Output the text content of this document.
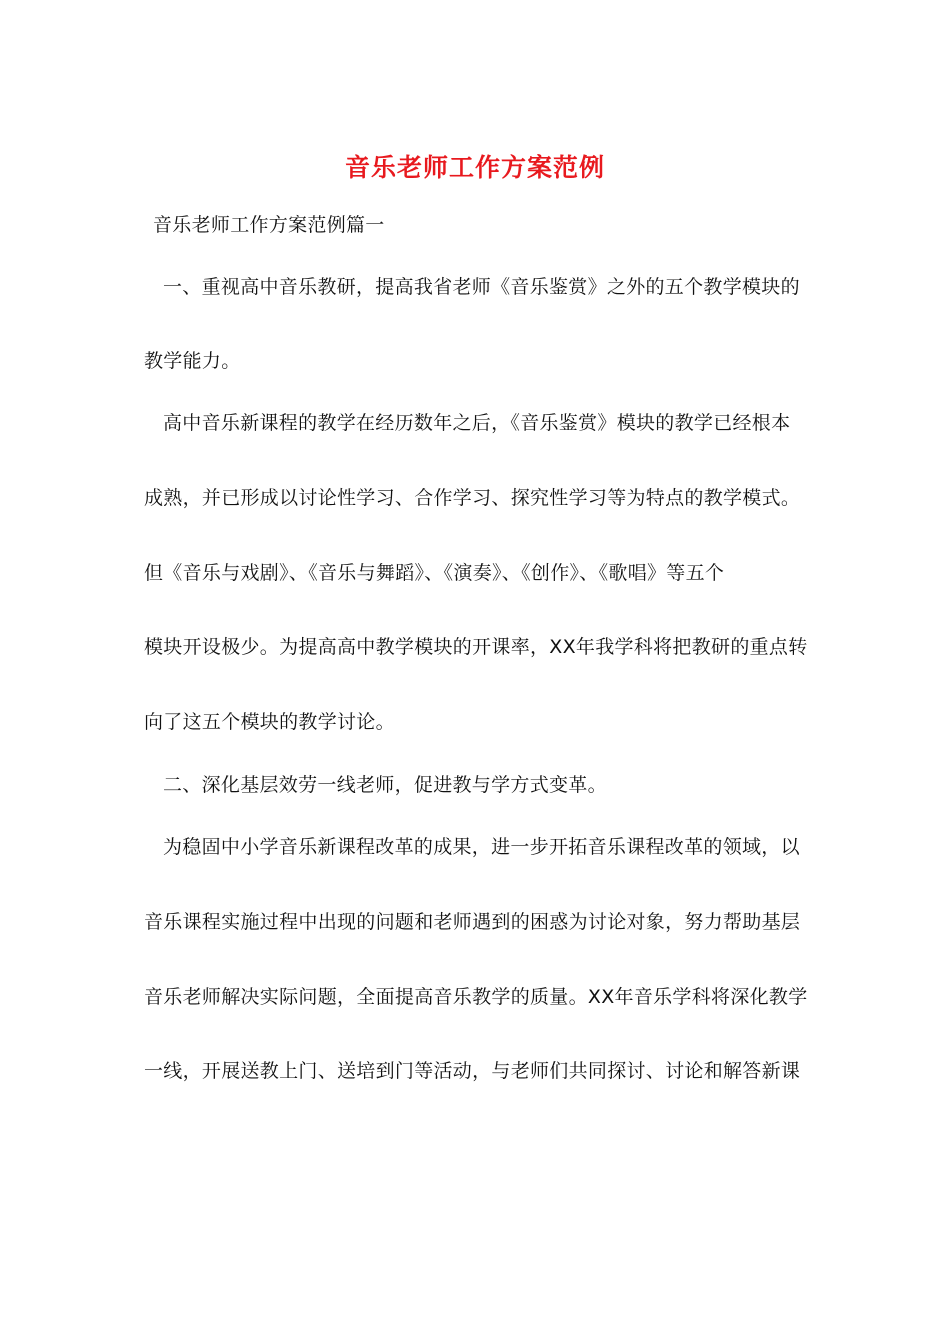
音乐老师工作方案范例
音乐老师工作方案范例篇一
一、重视高中音乐教研，提高我省老师《音乐鉴赏》之外的五个教学模块的
教学能力。
高中音乐新课程的教学在经历数年之后，《音乐鉴赏》模块的教学已经根本
成熟，并已形成以讨论性学习、合作学习、探究性学习等为特点的教学模式。
但《音乐与戏剧》、《音乐与舞蹈》、《演奏》、《创作》、《歌唱》等五个
模块开设极少。为提高高中教学模块的开课率，XX年我学科将把教研的重点转
向了这五个模块的教学讨论。
二、深化基层效劳一线老师，促进教与学方式变革。
为稳固中小学音乐新课程改革的成果，进一步开拓音乐课程改革的领域，以
音乐课程实施过程中出现的问题和老师遇到的困惑为讨论对象，努力帮助基层
音乐老师解决实际问题，全面提高音乐教学的质量。XX年音乐学科将深化教学
一线，开展送教上门、送培到门等活动，与老师们共同探讨、讨论和解答新课
